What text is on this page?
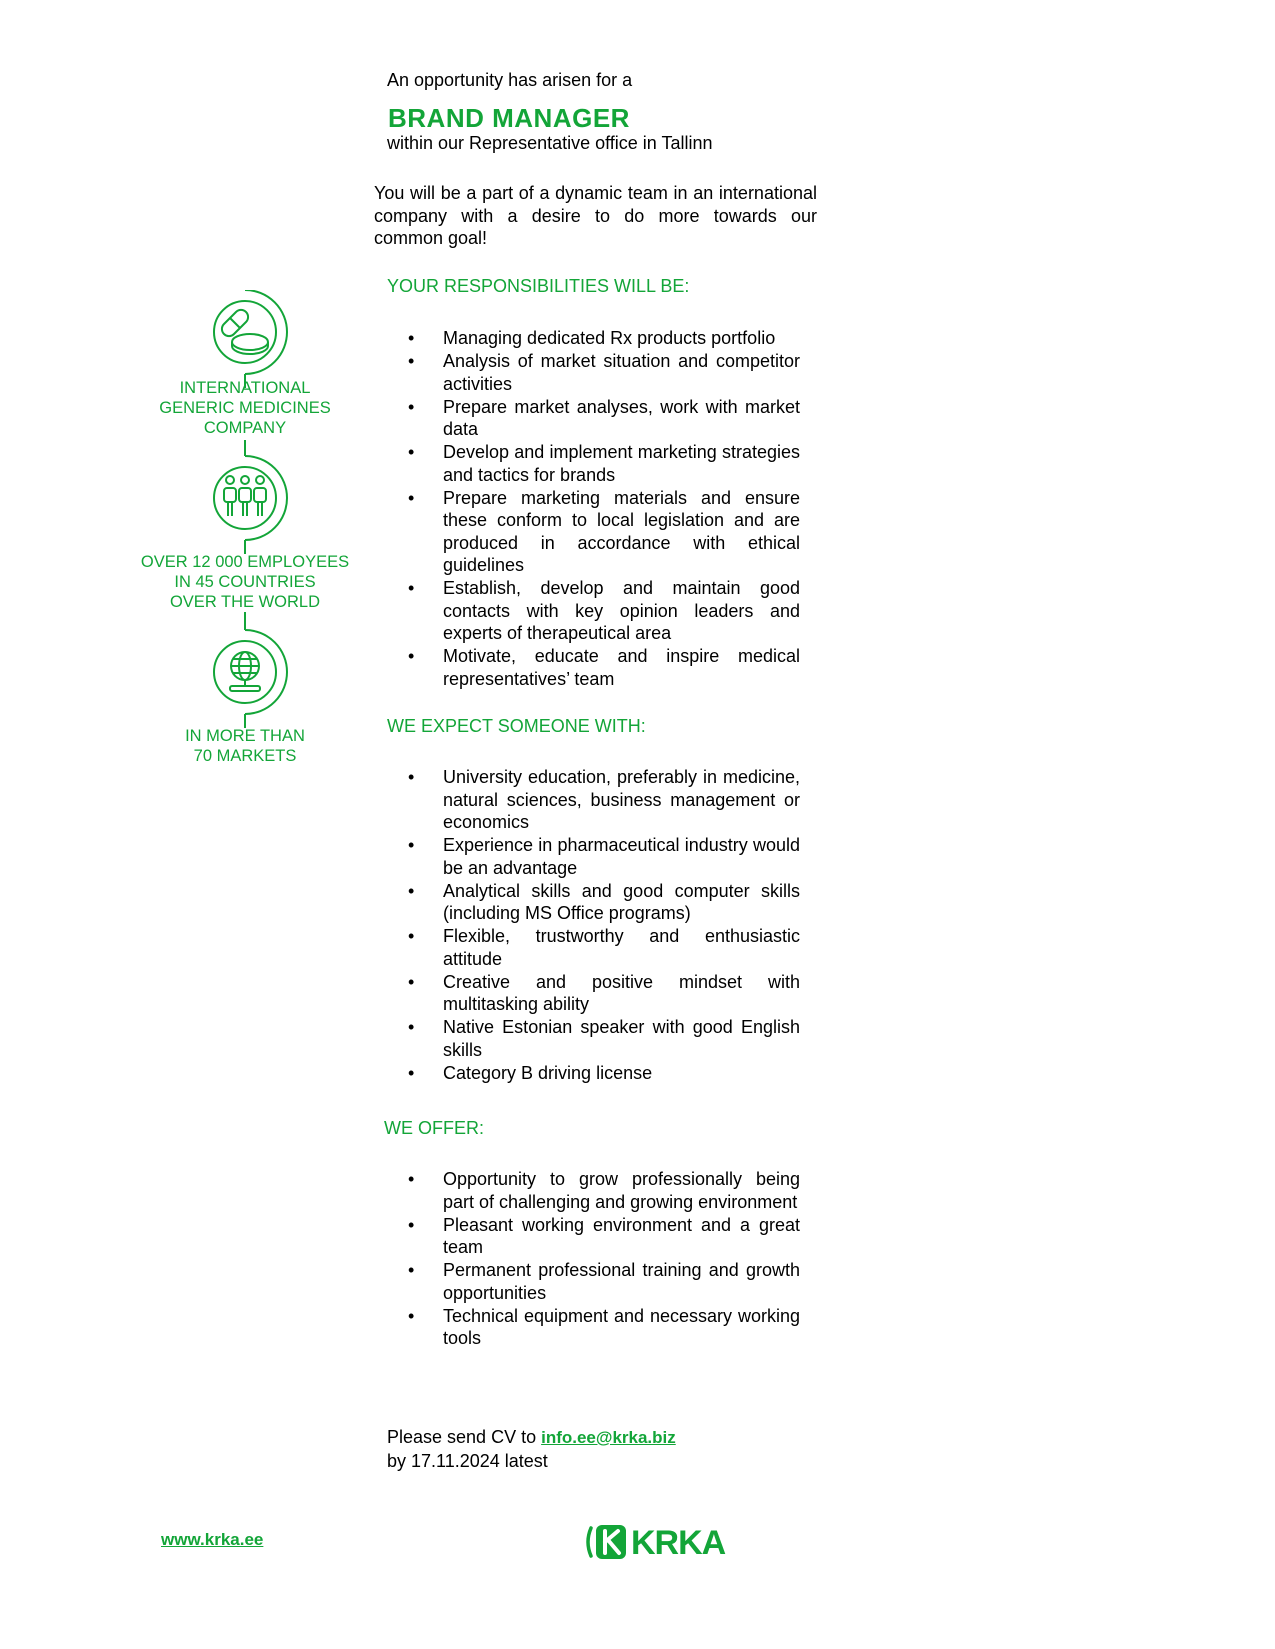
An opportunity has arisen for a
BRAND MANAGER
within our Representative office in Tallinn
You will be a part of a dynamic team in an international company with a desire to do more towards our common goal!
INTERNATIONAL
GENERIC MEDICINES
COMPANY
OVER 12 000 EMPLOYEES
IN 45 COUNTRIES
OVER THE WORLD
IN MORE THAN
70 MARKETS
YOUR RESPONSIBILITIES WILL BE:
• Managing dedicated Rx products portfolio
• Analysis of market situation and competitor activities
• Prepare market analyses, work with market data
• Develop and implement marketing strategies and tactics for brands
• Prepare marketing materials and ensure these conform to local legislation and are produced in accordance with ethical guidelines
• Establish, develop and maintain good contacts with key opinion leaders and experts of therapeutical area
• Motivate, educate and inspire medical representatives’ team
WE EXPECT SOMEONE WITH:
• University education, preferably in medicine, natural sciences, business management or economics
• Experience in pharmaceutical industry would be an advantage
• Analytical skills and good computer skills (including MS Office programs)
• Flexible, trustworthy and enthusiastic attitude
• Creative and positive mindset with multitasking ability
• Native Estonian speaker with good English skills
• Category B driving license
WE OFFER:
• Opportunity to grow professionally being part of challenging and growing environment
• Pleasant working environment and a great team
• Permanent professional training and growth opportunities
• Technical equipment and necessary working tools
Please send CV to info.ee@krka.biz
by 17.11.2024 latest
www.krka.ee	KRKA
